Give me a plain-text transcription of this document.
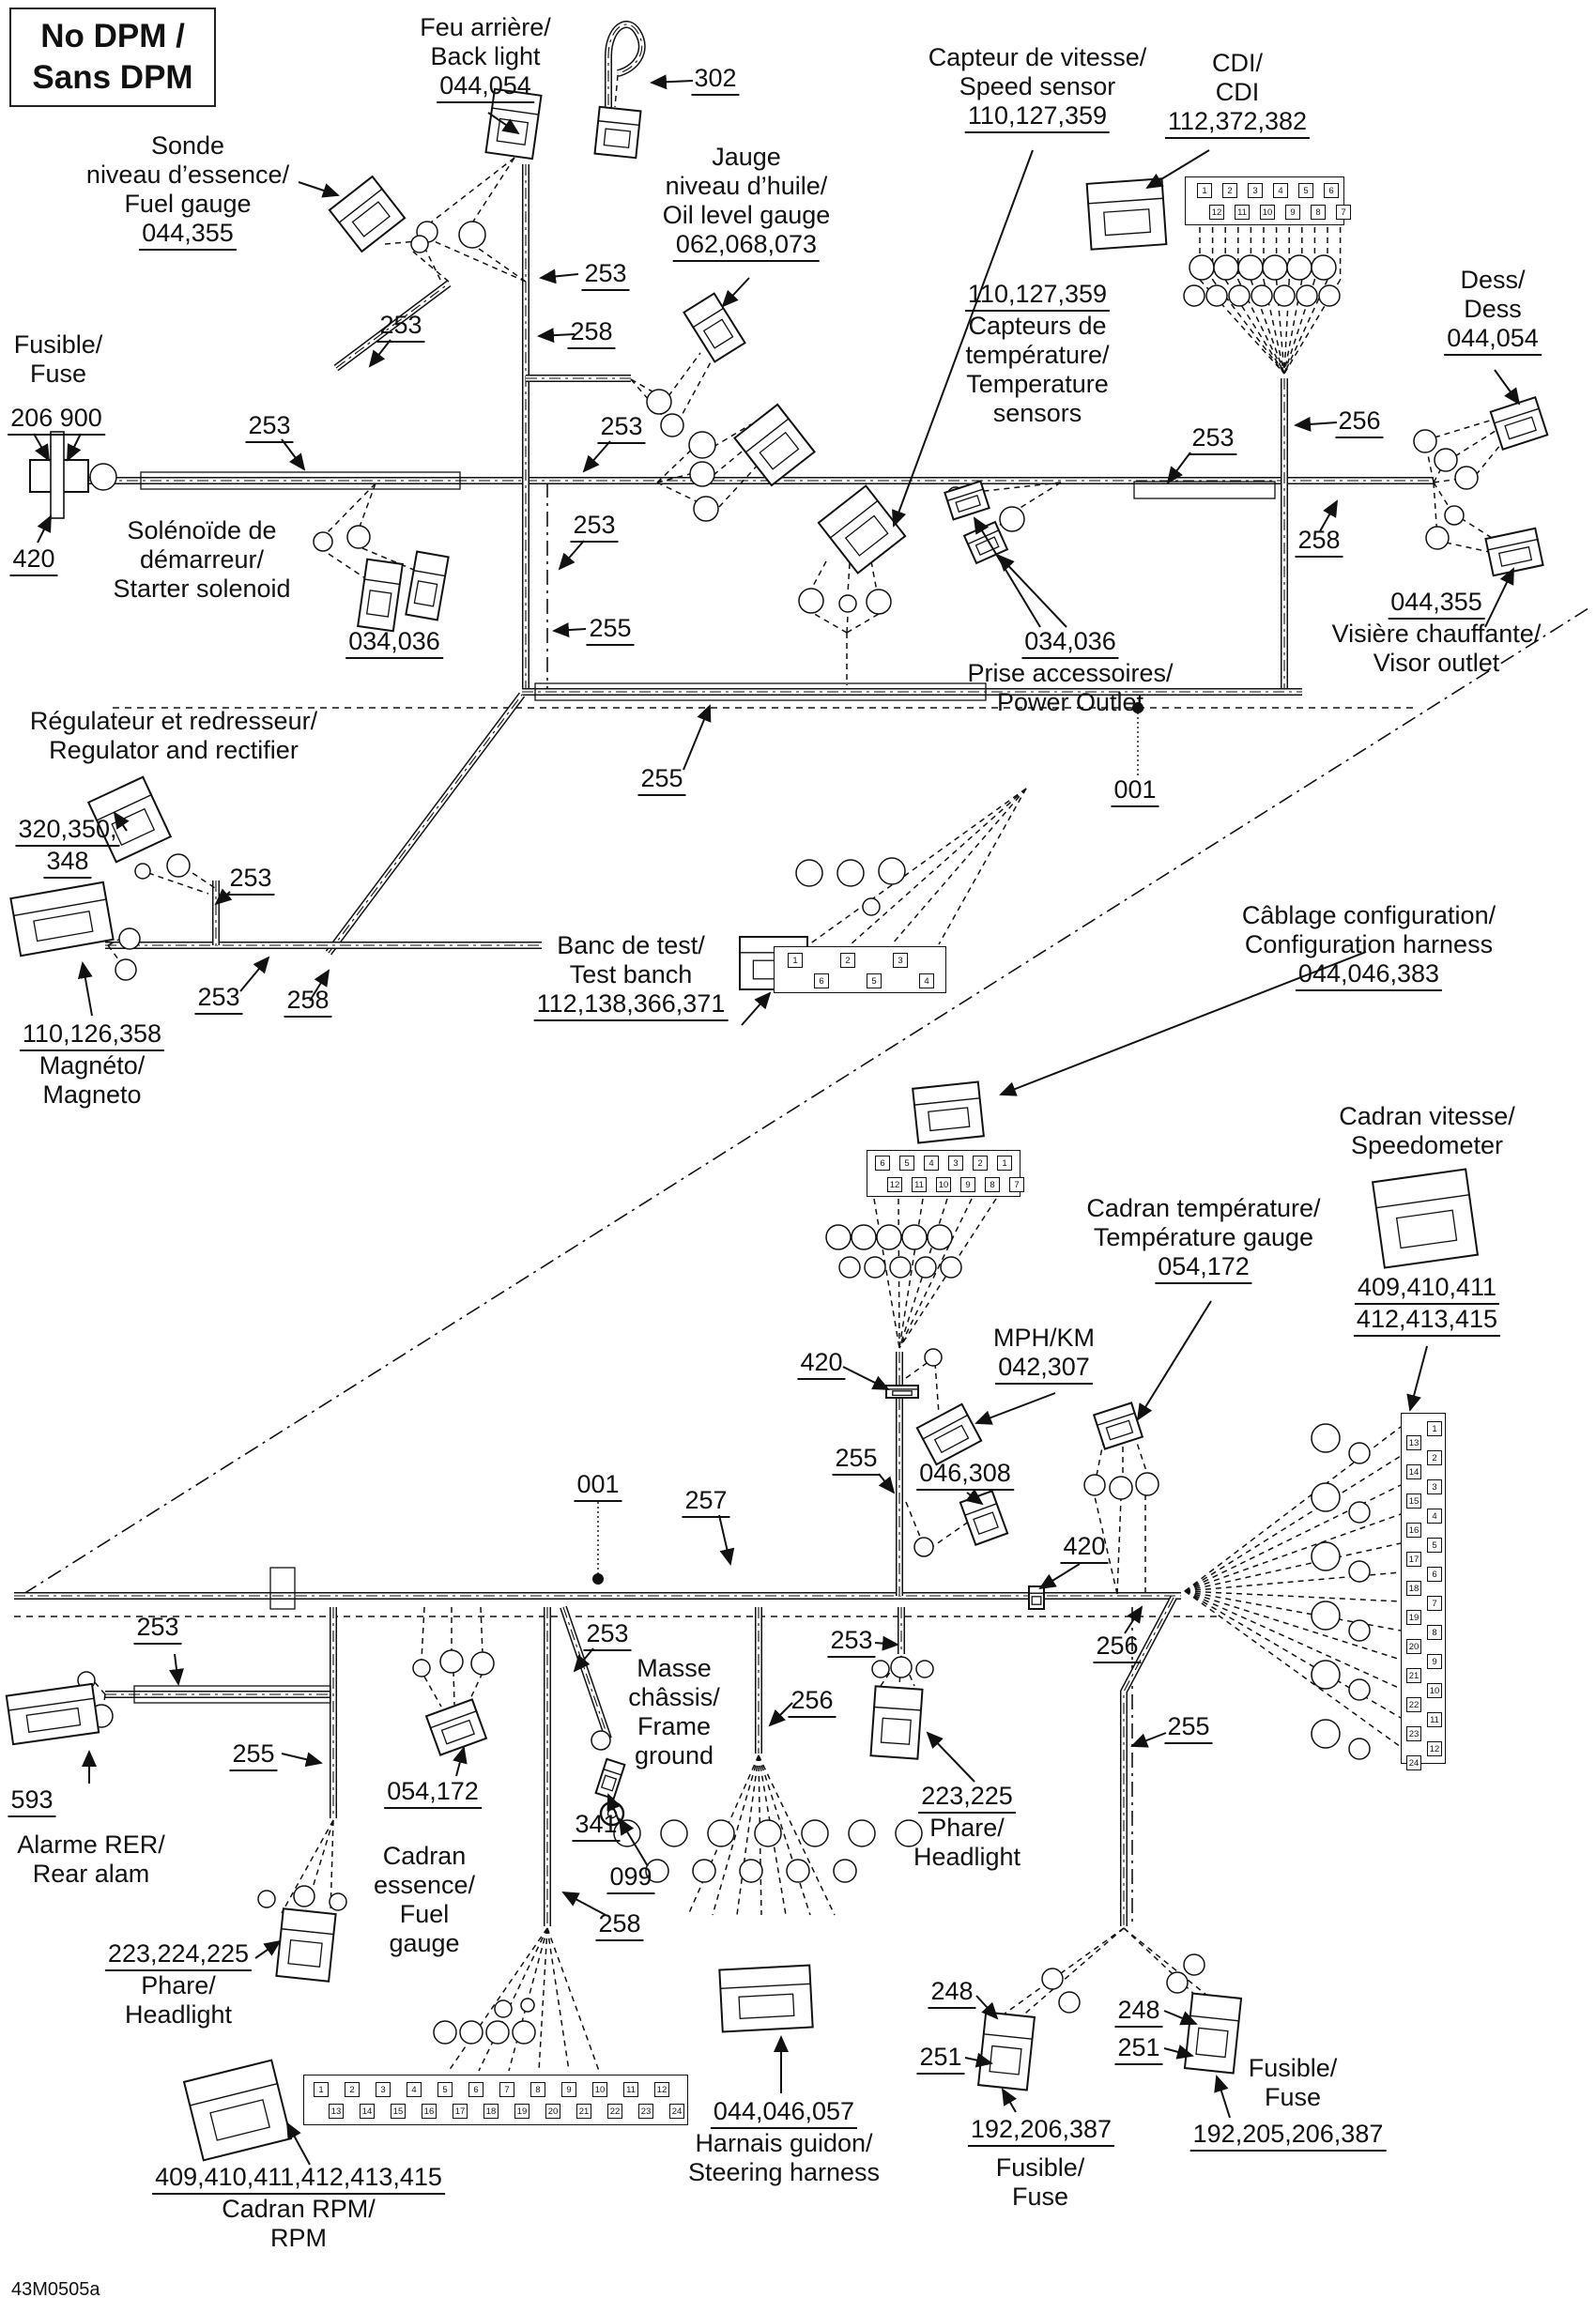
No DPM /
Sans DPM
43M0505a
Feu arrière/
Back light
044,054	302
Sonde
niveau d’essence/
Fuel gauge
044,355
Jauge
niveau d’huile/
Oil level gauge
062,068,073
Capteur de vitesse/
Speed sensor
110,127,359
CDI/
CDI
112,372,382
Dess/
Dess
044,054
110,127,359
Capteurs de
température/
Temperature
sensors
Fusible/
Fuse
206 900
420
Solénoïde de
démarreur/
Starter solenoid
034,036	034,036
Prise accessoires/
Power Outlet
044,355
Visière chauffante/
Visor outlet
Régulateur et redresseur/
Regulator and rectifier
320,350,
348
110,126,358
Magnéto/
Magneto
Banc de test/
Test banch
112,138,366,371
Câblage configuration/
Configuration harness
044,046,383
Cadran vitesse/
Speedometer
409,410,411
412,413,415
Cadran température/
Température gauge
054,172
MPH/KM
042,307
046,308
420
420
Masse
châssis/
Frame
ground
341
099
223,225
Phare/
Headlight
593
Alarme RER/
Rear alam
054,172
Cadran
essence/
Fuel
gauge
223,224,225
Phare/
Headlight
409,410,411,412,413,415
Cadran RPM/
RPM
044,046,057
Harnais guidon/
Steering harness
248
251
248
251
Fusible/
Fuse
192,205,206,387
192,206,387
Fusible/
Fuse
253
253
253
253
253
253
253
253
253	253	253
255
255
255
255
255
256
256
256
257
258
258
258
258
001
001
1	2	3	4	5	6
12	11	10	9	8	7
1	2	3
6	5	4
6	5	4	3	2	1
12	11	10	9	8	7
1	2	3	4	5	6	7	8	9	10	11	12
13 14 15 16 17 18 19 20 21 22 23 24
1
2
3
4
5
6
7
8
9
10
11
12
13
14
15
16
17
18
19
20
21
22
23
24
